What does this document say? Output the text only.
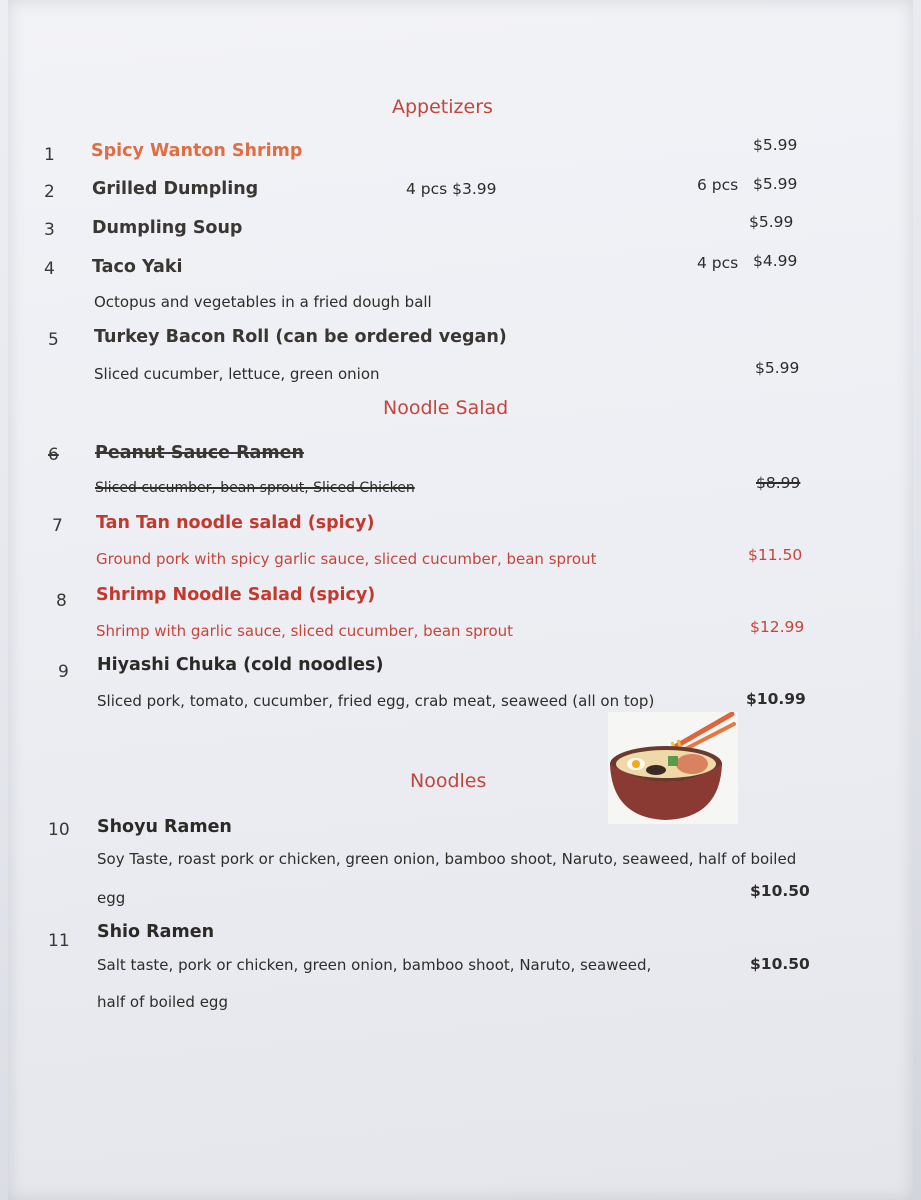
Appetizers
1 Spicy Wanton Shrimp	$5.99
2 Grilled Dumpling	4 pcs $3.99	6 pcs $5.99
3 Dumpling Soup	$5.99
4 Taco Yaki	4 pcs $4.99
Octopus and vegetables in a fried dough ball
5 Turkey Bacon Roll (can be ordered vegan)
Sliced cucumber, lettuce, green onion	$5.99
Noodle Salad
6 Peanut Sauce Ramen
Sliced cucumber, bean sprout, Sliced Chicken	$8.99
7 Tan Tan noodle salad (spicy)
Ground pork with spicy garlic sauce, sliced cucumber, bean sprout	$11.50
8 Shrimp Noodle Salad (spicy)
Shrimp with garlic sauce, sliced cucumber, bean sprout	$12.99
9 Hiyashi Chuka (cold noodles)
Sliced pork, tomato, cucumber, fried egg, crab meat, seaweed (all on top)	$10.99
Noodles
10 Shoyu Ramen
Soy Taste, roast pork or chicken, green onion, bamboo shoot, Naruto, seaweed, half of boiled
egg	$10.50
11 Shio Ramen
Salt taste, pork or chicken, green onion, bamboo shoot, Naruto, seaweed,	$10.50
half of boiled egg
